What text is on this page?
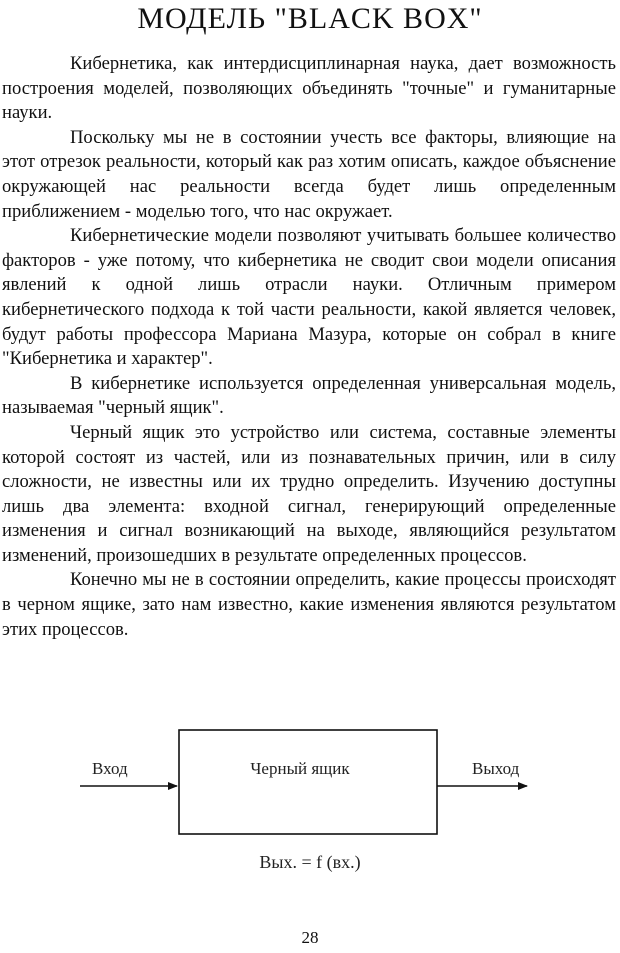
МОДЕЛЬ "BLACK BOX"

Кибернетика, как интердисциплинарная наука, дает возможность построения моделей, позволяющих объединять "точные" и гуманитарные науки.

Поскольку мы не в состоянии учесть все факторы, влияющие на этот отрезок реальности, который как раз хотим описать, каждое объяснение окружающей нас реальности всегда будет лишь определенным приближением - моделью того, что нас окружает.

Кибернетические модели позволяют учитывать большее количество факторов - уже потому, что кибернетика не сводит свои модели описания явлений к одной лишь отрасли науки. Отличным примером кибернетического подхода к той части реальности, какой является человек, будут работы профессора Мариана Мазура, которые он собрал в книге "Кибернетика и характер".

В кибернетике используется определенная универсальная модель, называемая "черный ящик".

Черный ящик это устройство или система, составные элементы которой состоят из частей, или из познавательных причин, или в силу сложности, не известны или их трудно определить. Изучению доступны лишь два элемента: входной сигнал, генерирующий определенные изменения и сигнал возникающий на выходе, являющийся результатом изменений, произошедших в результате определенных процессов.

Конечно мы не в состоянии определить, какие процессы происходят в черном ящике, зато нам известно, какие изменения являются результатом этих процессов.

Вход	Черный ящик	Выход
Вых. = f (вх.)
28
